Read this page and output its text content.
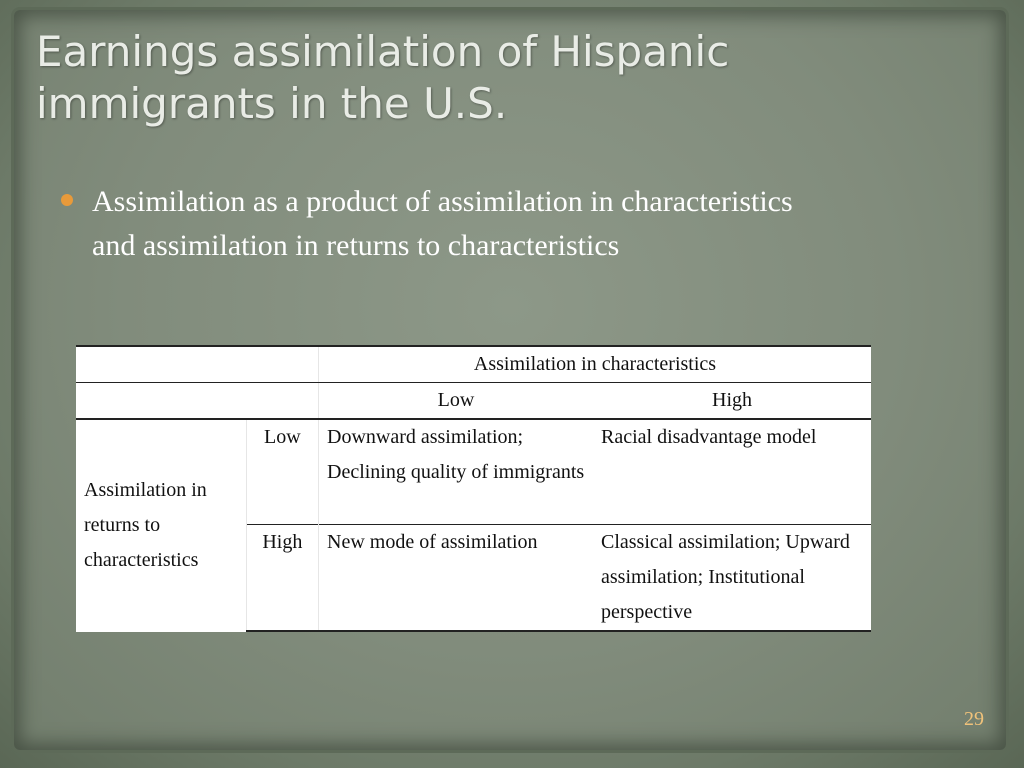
Earnings assimilation of Hispanic immigrants in the U.S.
Assimilation as a product of assimilation in characteristics and assimilation in returns to characteristics
		Assimilation in characteristics	
		Low	High
Assimilation in returns to characteristics	Low	Downward assimilation; Declining quality of immigrants	Racial disadvantage model
	High	New mode of assimilation	Classical assimilation; Upward assimilation; Institutional perspective
29
